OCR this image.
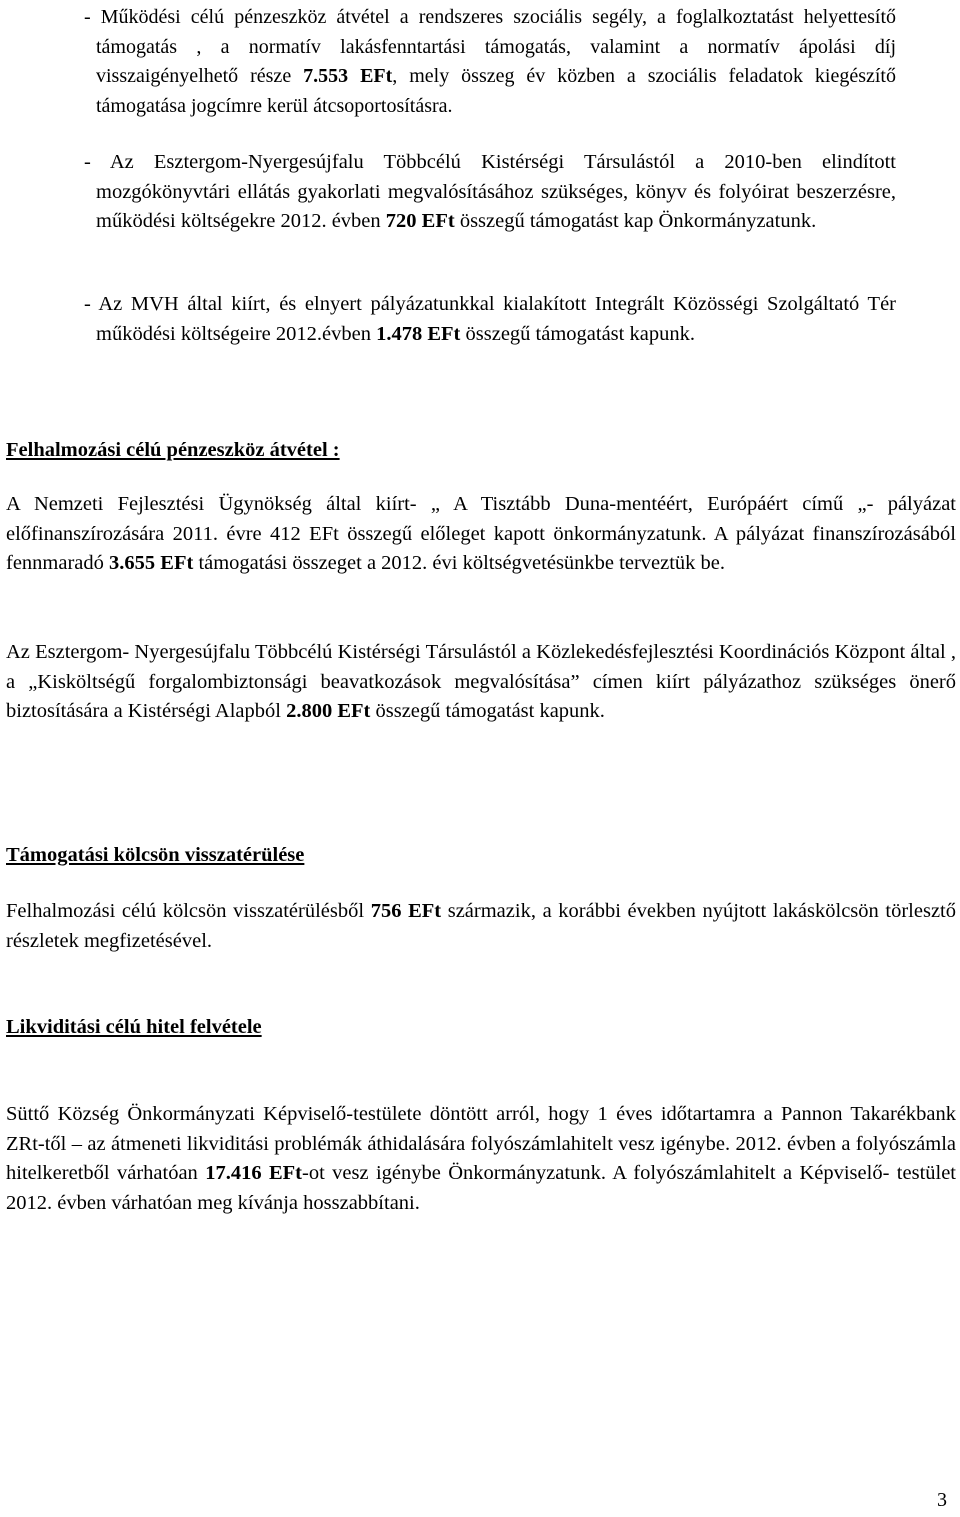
- Működési célú pénzeszköz átvétel a rendszeres szociális segély, a foglalkoztatást helyettesítő támogatás , a normatív lakásfenntartási támogatás, valamint a normatív ápolási díj visszaigényelhető része 7.553 EFt, mely összeg év közben a szociális feladatok kiegészítő támogatása jogcímre kerül átcsoportosításra.

- Az Esztergom-Nyergesújfalu Többcélú Kistérségi Társulástól a 2010-ben elindított mozgókönyvtári ellátás gyakorlati megvalósításához szükséges, könyv és folyóirat beszerzésre, működési költségekre 2012. évben 720 EFt összegű támogatást kap Önkormányzatunk.

- Az MVH által kiírt, és elnyert pályázatunkkal kialakított Integrált Közösségi Szolgáltató Tér működési költségeire 2012.évben 1.478 EFt összegű támogatást kapunk.

Felhalmozási célú pénzeszköz átvétel :

A Nemzeti Fejlesztési Ügynökség által kiírt- „ A Tisztább Duna-mentéért, Európáért című „- pályázat előfinanszírozására 2011. évre 412 EFt összegű előleget kapott önkormányzatunk. A pályázat finanszírozásából fennmaradó 3.655 EFt támogatási összeget a 2012. évi költségvetésünkbe terveztük be.

Az Esztergom- Nyergesújfalu Többcélú Kistérségi Társulástól a Közlekedésfejlesztési Koordinációs Központ által , a „Kisköltségű forgalombiztonsági beavatkozások megvalósítása” címen kiírt pályázathoz szükséges önerő biztosítására a Kistérségi Alapból 2.800 EFt összegű támogatást kapunk.

Támogatási kölcsön visszatérülése

Felhalmozási célú kölcsön visszatérülésből 756 EFt származik, a korábbi években nyújtott lakáskölcsön törlesztő részletek megfizetésével.

Likviditási célú hitel felvétele

Süttő Község Önkormányzati Képviselő-testülete döntött arról, hogy 1 éves időtartamra a Pannon Takarékbank ZRt-től – az átmeneti likviditási problémák áthidalására folyószámlahitelt vesz igénybe. 2012. évben a folyószámla hitelkeretből várhatóan 17.416 EFt-ot vesz igénybe Önkormányzatunk. A folyószámlahitelt a Képviselő- testület 2012. évben várhatóan meg kívánja hosszabbítani.

3
